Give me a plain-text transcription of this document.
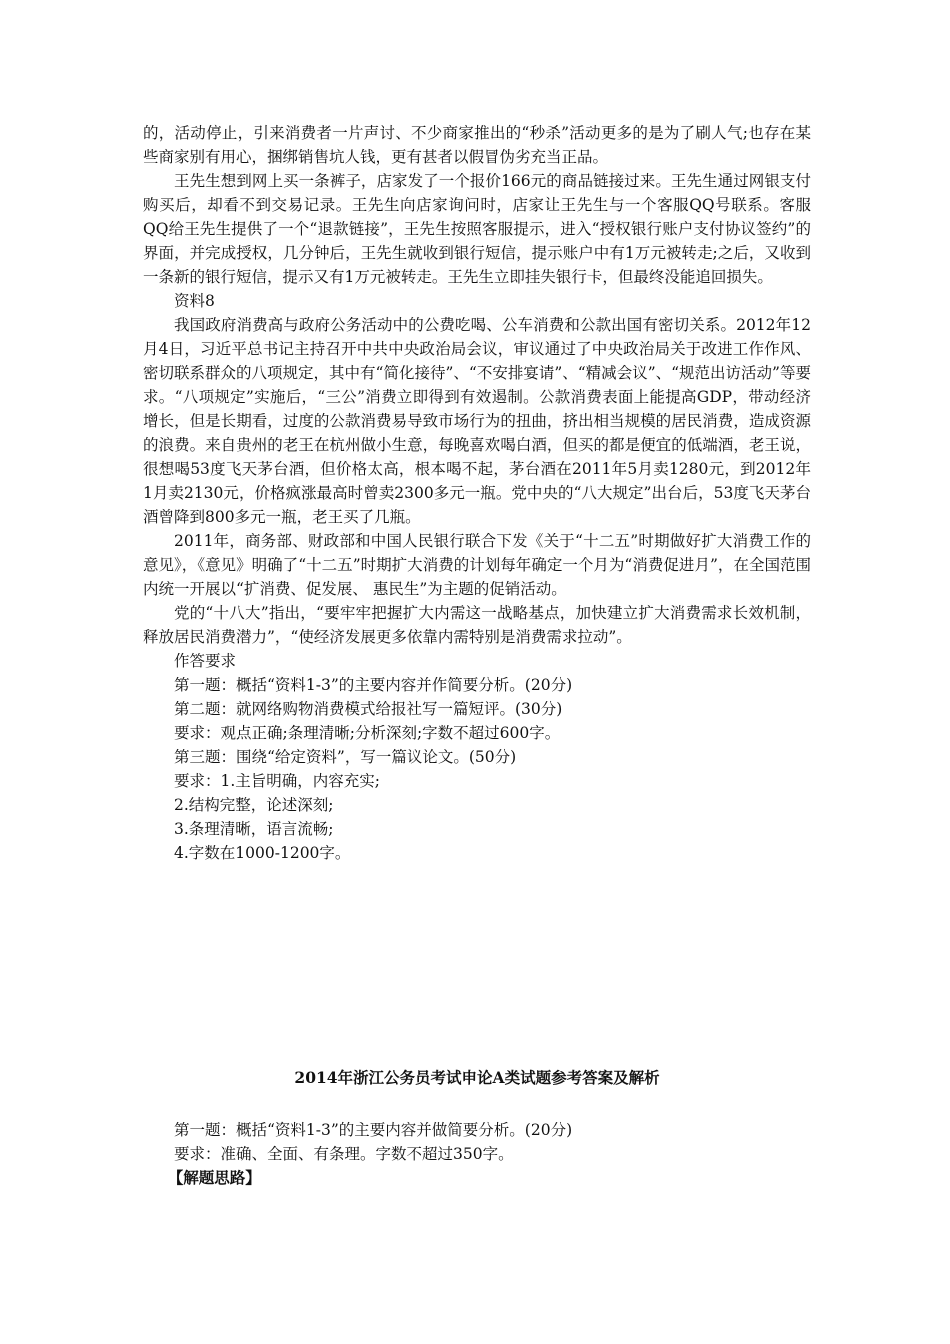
的，活动停止，引来消费者一片声讨、不少商家推出的“秒杀”活动更多的是为了刷人气;也存在某些商家别有用心，捆绑销售坑人钱，更有甚者以假冒伪劣充当正品。

王先生想到网上买一条裤子，店家发了一个报价166元的商品链接过来。王先生通过网银支付购买后，却看不到交易记录。王先生向店家询问时，店家让王先生与一个客服QQ号联系。客服QQ给王先生提供了一个“退款链接”，王先生按照客服提示，进入“授权银行账户支付协议签约”的界面，并完成授权，几分钟后，王先生就收到银行短信，提示账户中有1万元被转走;之后，又收到一条新的银行短信，提示又有1万元被转走。王先生立即挂失银行卡，但最终没能追回损失。

资料8

我国政府消费高与政府公务活动中的公费吃喝、公车消费和公款出国有密切关系。2012年12月4日，习近平总书记主持召开中共中央政治局会议，审议通过了中央政治局关于改进工作作风、密切联系群众的八项规定，其中有“简化接待”、“不安排宴请”、“精减会议”、“规范出访活动”等要求。“八项规定”实施后，“三公”消费立即得到有效遏制。公款消费表面上能提高GDP，带动经济增长，但是长期看，过度的公款消费易导致市场行为的扭曲，挤出相当规模的居民消费，造成资源的浪费。来自贵州的老王在杭州做小生意，每晚喜欢喝白酒，但买的都是便宜的低端酒，老王说，很想喝53度飞天茅台酒，但价格太高，根本喝不起，茅台酒在2011年5月卖1280元，到2012年1月卖2130元，价格疯涨最高时曾卖2300多元一瓶。党中央的“八大规定”出台后，53度飞天茅台酒曾降到800多元一瓶，老王买了几瓶。

2011年，商务部、财政部和中国人民银行联合下发《关于“十二五”时期做好扩大消费工作的意见》，《意见》明确了“十二五”时期扩大消费的计划每年确定一个月为“消费促进月”，在全国范围内统一开展以“扩消费、促发展、 惠民生”为主题的促销活动。

党的“十八大”指出，“要牢牢把握扩大内需这一战略基点，加快建立扩大消费需求长效机制，释放居民消费潜力”，“使经济发展更多依靠内需特别是消费需求拉动”。

作答要求

第一题：概括“资料1-3”的主要内容并作简要分析。(20分)

第二题：就网络购物消费模式给报社写一篇短评。(30分)

要求：观点正确;条理清晰;分析深刻;字数不超过600字。

第三题：围绕“给定资料”，写一篇议论文。(50分)

要求：1.主旨明确，内容充实;

2.结构完整，论述深刻;

3.条理清晰，语言流畅;

4.字数在1000-1200字。

2014年浙江公务员考试申论A类试题参考答案及解析

第一题：概括“资料1-3”的主要内容并做简要分析。(20分)

要求：准确、全面、有条理。字数不超过350字。

【解题思路】
